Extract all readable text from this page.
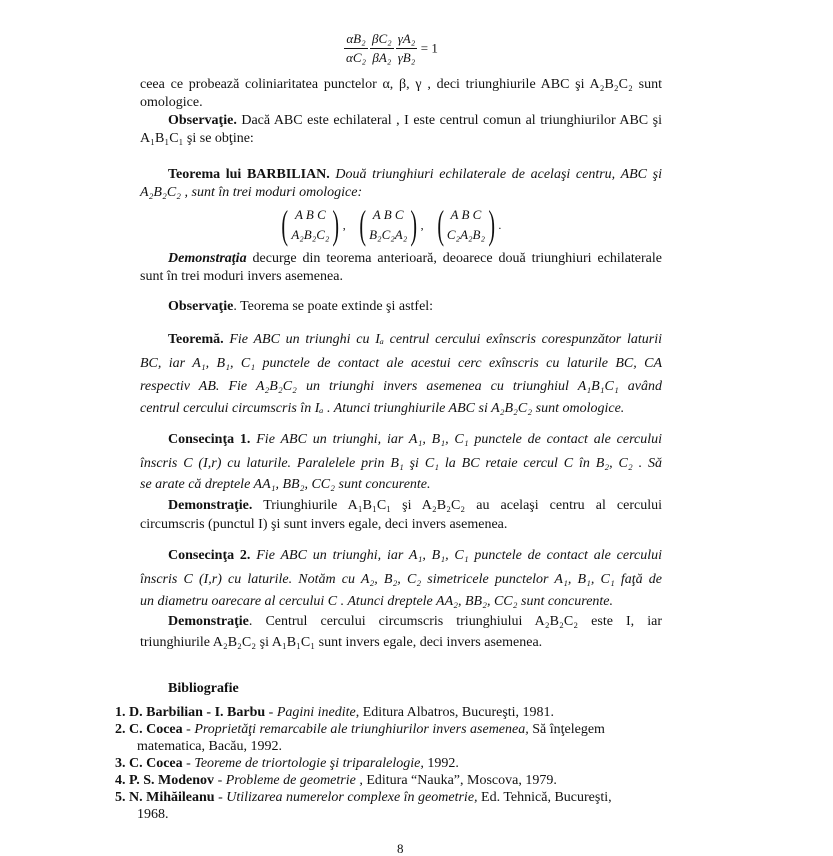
$\frac{\text{αB₂}}{\text{αC₂}} \frac{\text{βC₂}}{\text{βA₂}} \frac{\text{γA₂}}{\text{γB₂}} = 1$
ceea ce probează coliniaritatea punctelor α, β, γ , deci triunghiurile ABC şi A₂B₂C₂ sunt
omologice.
Observaţie. Dacă ABC este echilateral , I este centrul comun al triunghiurilor ABC şi
A₁B₁C₁ şi se obţine:
Teorema lui BARBILIAN. Două triunghiuri echilaterale de acelaşi centru, ABC şi
A₂B₂C₂ , sunt în trei moduri omologice:
( A B C
A₂B₂C₂ ) , ( A B C
B₂C₂A₂ ) , ( A B C
C₂A₂B₂ ) .
Demonstraţia decurge din teorema anterioară, deoarece două triunghiuri echilaterale
sunt în trei moduri invers asemenea.
Observaţie. Teorema se poate extinde şi astfel:
Teoremă. Fie ABC un triunghi cu Iₐ centrul cercului exînscris corespunzător laturii
BC, iar A₁, B₁, C₁ punctele de contact ale acestui cerc exînscris cu laturile BC, CA
respectiv AB. Fie A₂B₂C₂ un triunghi invers asemenea cu triunghiul A₁B₁C₁ având
centrul cercului circumscris în Iₐ . Atunci triunghiurile ABC si A₂B₂C₂ sunt omologice.
Consecinţa 1. Fie ABC un triunghi, iar A₁, B₁, C₁ punctele de contact ale cercului
înscris C (I,r) cu laturile. Paralelele prin B₁ şi C₁ la BC retaie cercul C în B₂, C₂ . Să
se arate că dreptele AA₁, BB₂, CC₂ sunt concurente.
Demonstraţie. Triunghiurile A₁B₁C₁ şi A₂B₂C₂ au acelaşi centru al cercului
circumscris (punctul I) şi sunt invers egale, deci invers asemenea.
Consecinţa 2. Fie ABC un triunghi, iar A₁, B₁, C₁ punctele de contact ale cercului
înscris C (I,r) cu laturile. Notăm cu A₂, B₂, C₂ simetricele punctelor A₁, B₁, C₁ faţă de
un diametru oarecare al cercului C . Atunci dreptele AA₂, BB₂, CC₂ sunt concurente.
Demonstraţie. Centrul cercului circumscris triunghiului A₂B₂C₂ este I, iar
triunghiurile A₂B₂C₂ şi A₁B₁C₁ sunt invers egale, deci invers asemenea.
Bibliografie
1. D. Barbilian - I. Barbu - Pagini inedite, Editura Albatros, Bucureşti, 1981.
2. C. Cocea - Proprietăţi remarcabile ale triunghiurilor invers asemenea, Să înţelegem
matematica, Bacău, 1992.
3. C. Cocea - Teoreme de triortologie şi triparalelogie, 1992.
4. P. S. Modenov - Probleme de geometrie , Editura “Nauka”, Moscova, 1979.
5. N. Mihăileanu - Utilizarea numerelor complexe în geometrie, Ed. Tehnică, Bucureşti,
1968.
8
